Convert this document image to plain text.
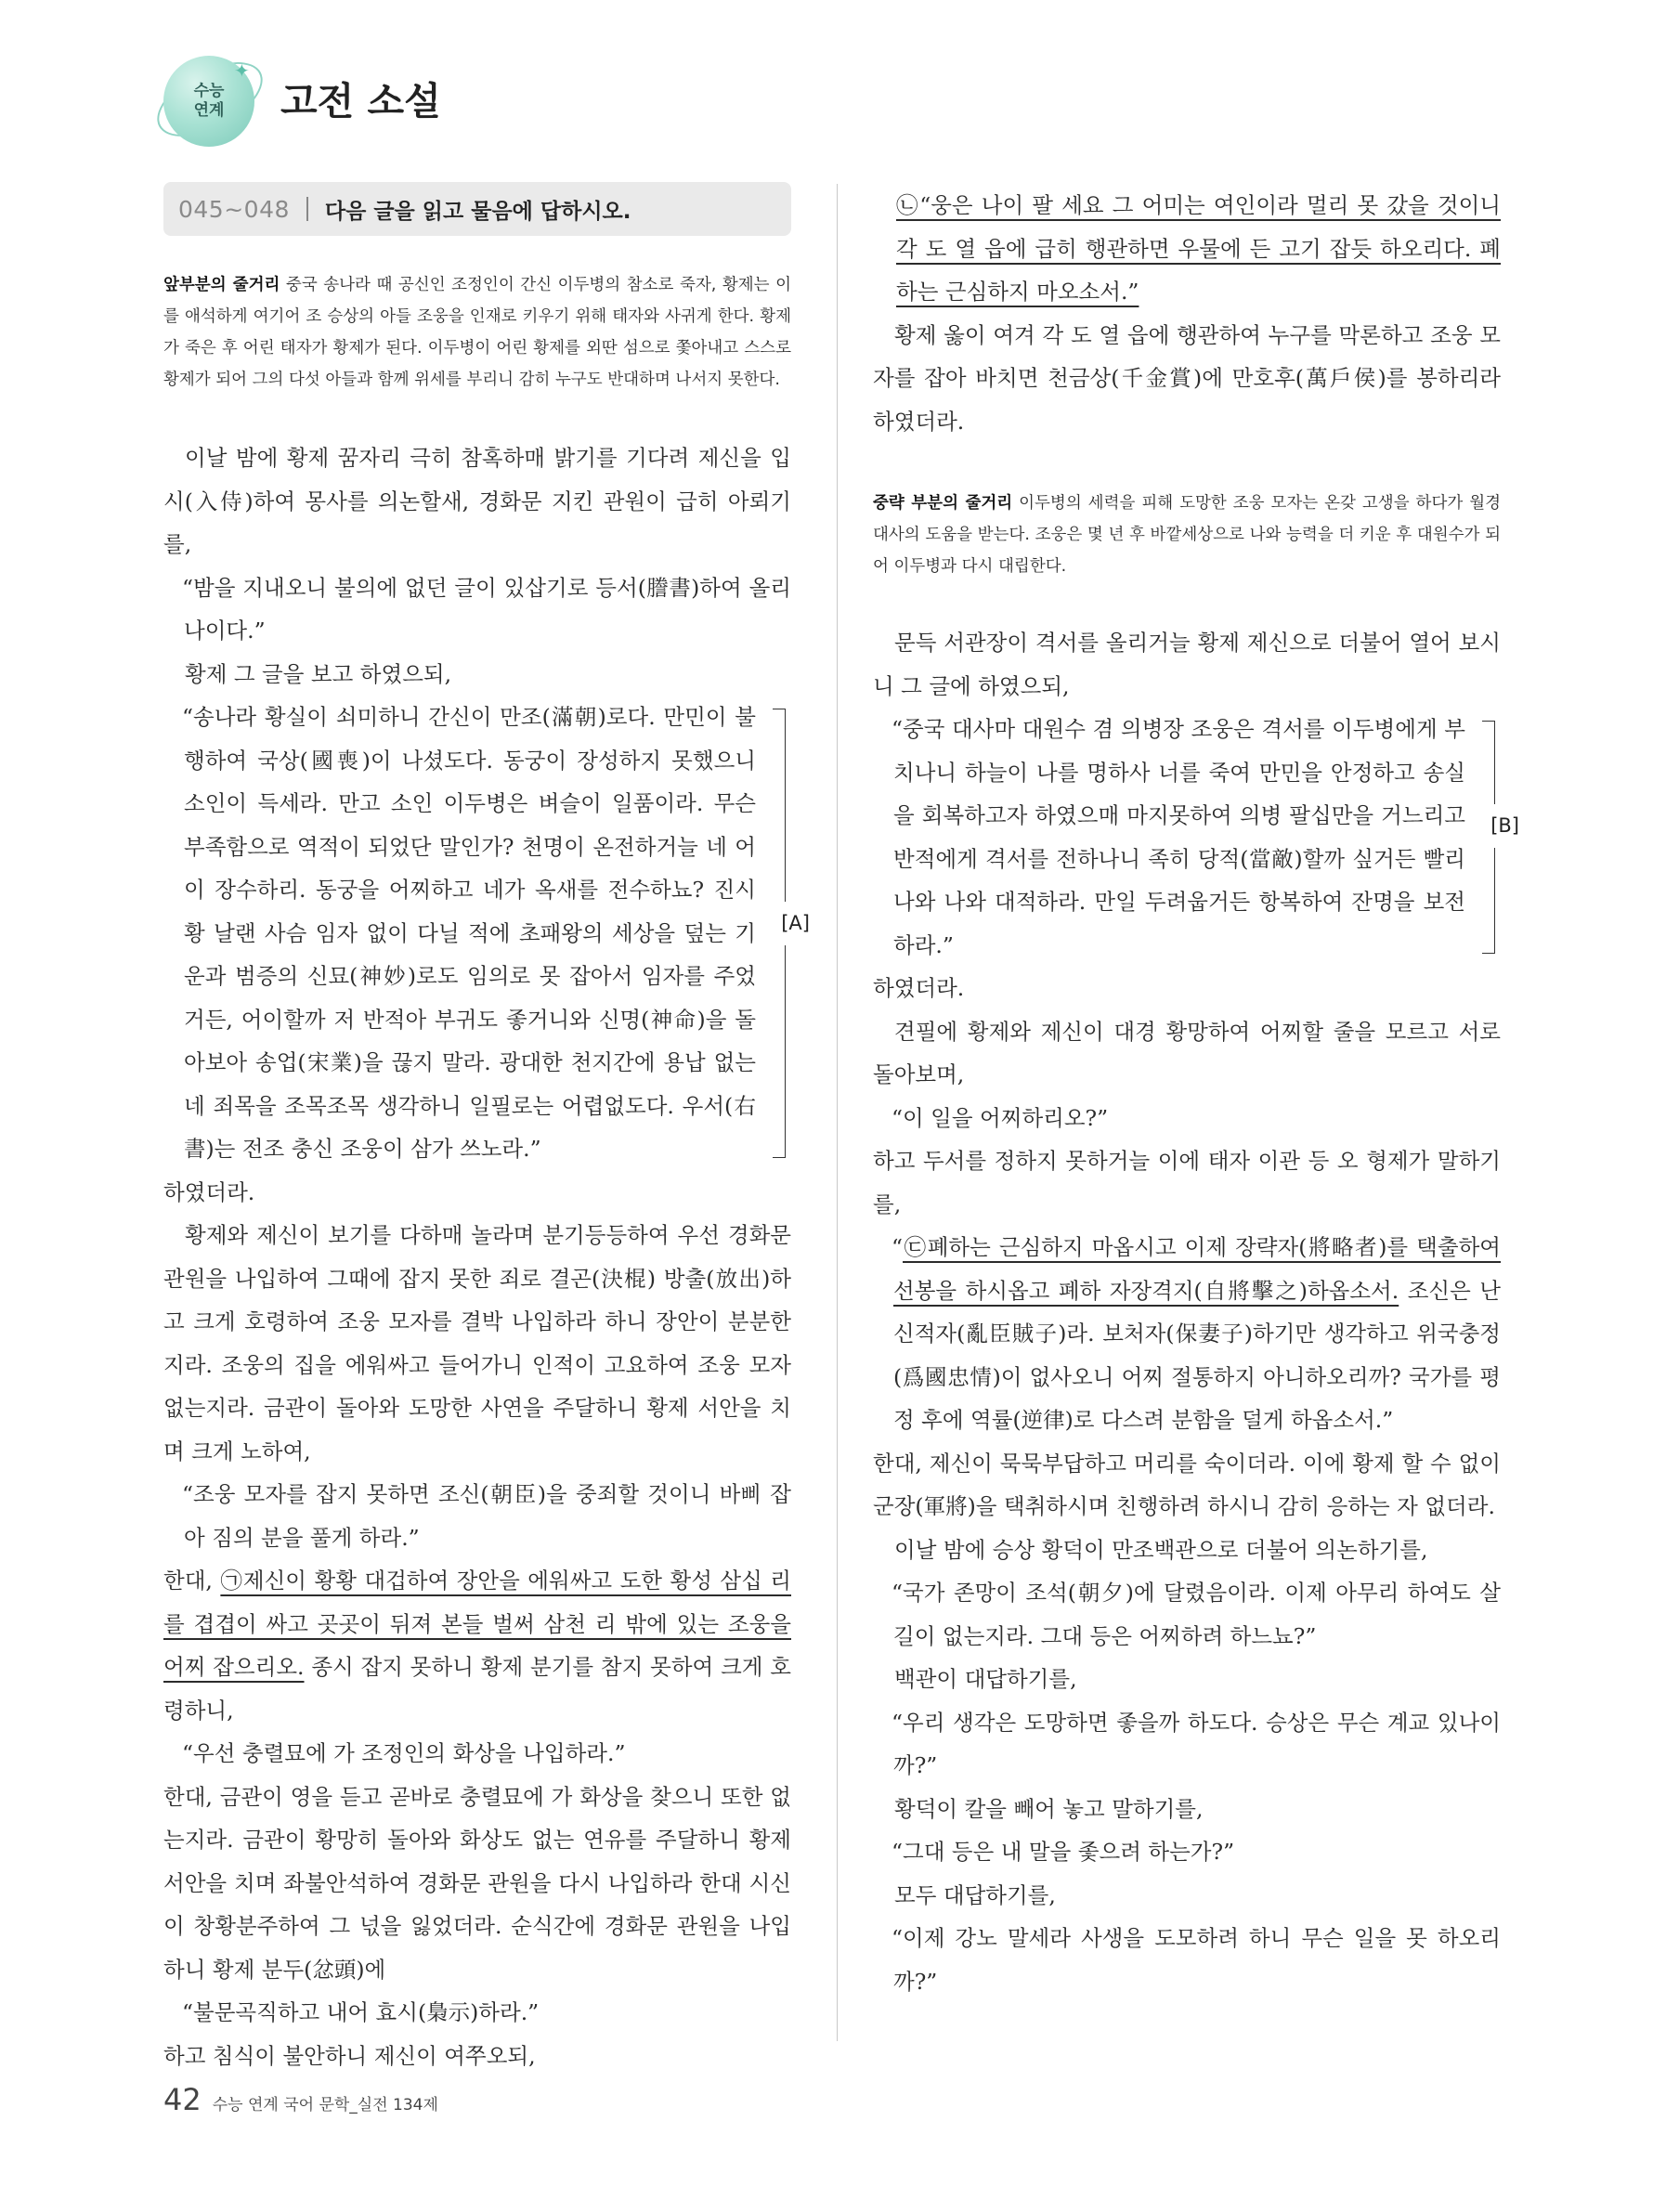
✦
수능
연계	고전 소설
045~048 다음 글을 읽고 물음에 답하시오.
앞부분의 줄거리 중국 송나라 때 공신인 조정인이 간신 이두병의 참소로 죽자, 황제는 이를 애석하게 여기어 조 승상의 아들 조웅을 인재로 키우기 위해 태자와 사귀게 한다. 황제가 죽은 후 어린 태자가 황제가 된다. 이두병이 어린 황제를 외딴 섬으로 쫓아내고 스스로 황제가 되어 그의 다섯 아들과 함께 위세를 부리니 감히 누구도 반대하며 나서지 못한다.

이날 밤에 황제 꿈자리 극히 참혹하매 밝기를 기다려 제신을 입시(入侍)하여 몽사를 의논할새, 경화문 지킨 관원이 급히 아뢰기를,

“밤을 지내오니 불의에 없던 글이 있삽기로 등서(謄書)하여 올리나이다.”

황제 그 글을 보고 하였으되,

“송나라 황실이 쇠미하니 간신이 만조(滿朝)로다. 만민이 불행하여 국상(國喪)이 나셨도다. 동궁이 장성하지 못했으니 소인이 득세라. 만고 소인 이두병은 벼슬이 일품이라. 무슨 부족함으로 역적이 되었단 말인가? 천명이 온전하거늘 네 어이 장수하리. 동궁을 어찌하고 네가 옥새를 전수하뇨? 진시황 날랜 사슴 임자 없이 다닐 적에 초패왕의 세상을 덮는 기운과 범증의 신묘(神妙)로도 임의로 못 잡아서 임자를 주었거든, 어이할까 저 반적아 부귀도 좋거니와 신명(神命)을 돌아보아 송업(宋業)을 끊지 말라. 광대한 천지간에 용납 없는 네 죄목을 조목조목 생각하니 일필로는 어렵없도다. 우서(右書)는 전조 충신 조웅이 삼가 쓰노라.”

[A]

하였더라.

황제와 제신이 보기를 다하매 놀라며 분기등등하여 우선 경화문 관원을 나입하여 그때에 잡지 못한 죄로 결곤(決棍) 방출(放出)하고 크게 호령하여 조웅 모자를 결박 나입하라 하니 장안이 분분한지라. 조웅의 집을 에워싸고 들어가니 인적이 고요하여 조웅 모자 없는지라. 금관이 돌아와 도망한 사연을 주달하니 황제 서안을 치며 크게 노하여,

“조웅 모자를 잡지 못하면 조신(朝臣)을 중죄할 것이니 바삐 잡아 짐의 분을 풀게 하라.”

한대, ㉠제신이 황황 대겁하여 장안을 에워싸고 도한 황성 삼십 리를 겹겹이 싸고 곳곳이 뒤져 본들 벌써 삼천 리 밖에 있는 조웅을 어찌 잡으리오. 종시 잡지 못하니 황제 분기를 참지 못하여 크게 호령하니,

“우선 충렬묘에 가 조정인의 화상을 나입하라.”

한대, 금관이 영을 듣고 곧바로 충렬묘에 가 화상을 찾으니 또한 없는지라. 금관이 황망히 돌아와 화상도 없는 연유를 주달하니 황제 서안을 치며 좌불안석하여 경화문 관원을 다시 나입하라 한대 시신이 창황분주하여 그 넋을 잃었더라. 순식간에 경화문 관원을 나입하니 황제 분두(忿頭)에

“불문곡직하고 내어 효시(梟示)하라.”

하고 침식이 불안하니 제신이 여쭈오되,

㉡“웅은 나이 팔 세요 그 어미는 여인이라 멀리 못 갔을 것이니 각 도 열 읍에 급히 행관하면 우물에 든 고기 잡듯 하오리다. 폐하는 근심하지 마오소서.”

황제 옳이 여겨 각 도 열 읍에 행관하여 누구를 막론하고 조웅 모자를 잡아 바치면 천금상(千金賞)에 만호후(萬戶侯)를 봉하리라 하였더라.

중략 부분의 줄거리 이두병의 세력을 피해 도망한 조웅 모자는 온갖 고생을 하다가 월경 대사의 도움을 받는다. 조웅은 몇 년 후 바깥세상으로 나와 능력을 더 키운 후 대원수가 되어 이두병과 다시 대립한다.

문득 서관장이 격서를 올리거늘 황제 제신으로 더불어 열어 보시니 그 글에 하였으되,

“중국 대사마 대원수 겸 의병장 조웅은 격서를 이두병에게 부치나니 하늘이 나를 명하사 너를 죽여 만민을 안정하고 송실을 회복하고자 하였으매 마지못하여 의병 팔십만을 거느리고 반적에게 격서를 전하나니 족히 당적(當敵)할까 싶거든 빨리 나와 나와 대적하라. 만일 두려웁거든 항복하여 잔명을 보전하라.”

[B]

하였더라.

견필에 황제와 제신이 대경 황망하여 어찌할 줄을 모르고 서로 돌아보며,

“이 일을 어찌하리오?”

하고 두서를 정하지 못하거늘 이에 태자 이관 등 오 형제가 말하기를,

“㉢폐하는 근심하지 마옵시고 이제 장략자(將略者)를 택출하여 선봉을 하시옵고 폐하 자장격지(自將擊之)하옵소서. 조신은 난신적자(亂臣賊子)라. 보처자(保妻子)하기만 생각하고 위국충정(爲國忠情)이 없사오니 어찌 절통하지 아니하오리까? 국가를 평정 후에 역률(逆律)로 다스려 분함을 덜게 하옵소서.”

한대, 제신이 묵묵부답하고 머리를 숙이더라. 이에 황제 할 수 없이 군장(軍將)을 택취하시며 친행하려 하시니 감히 응하는 자 없더라.

이날 밤에 승상 황덕이 만조백관으로 더불어 의논하기를,

“국가 존망이 조석(朝夕)에 달렸음이라. 이제 아무리 하여도 살 길이 없는지라. 그대 등은 어찌하려 하느뇨?”

백관이 대답하기를,

“우리 생각은 도망하면 좋을까 하도다. 승상은 무슨 계교 있나이까?”

황덕이 칼을 빼어 놓고 말하기를,

“그대 등은 내 말을 좇으려 하는가?”

모두 대답하기를,

“이제 강노 말세라 사생을 도모하려 하니 무슨 일을 못 하오리까?”

42 수능 연계 국어 문학_실전 134제
